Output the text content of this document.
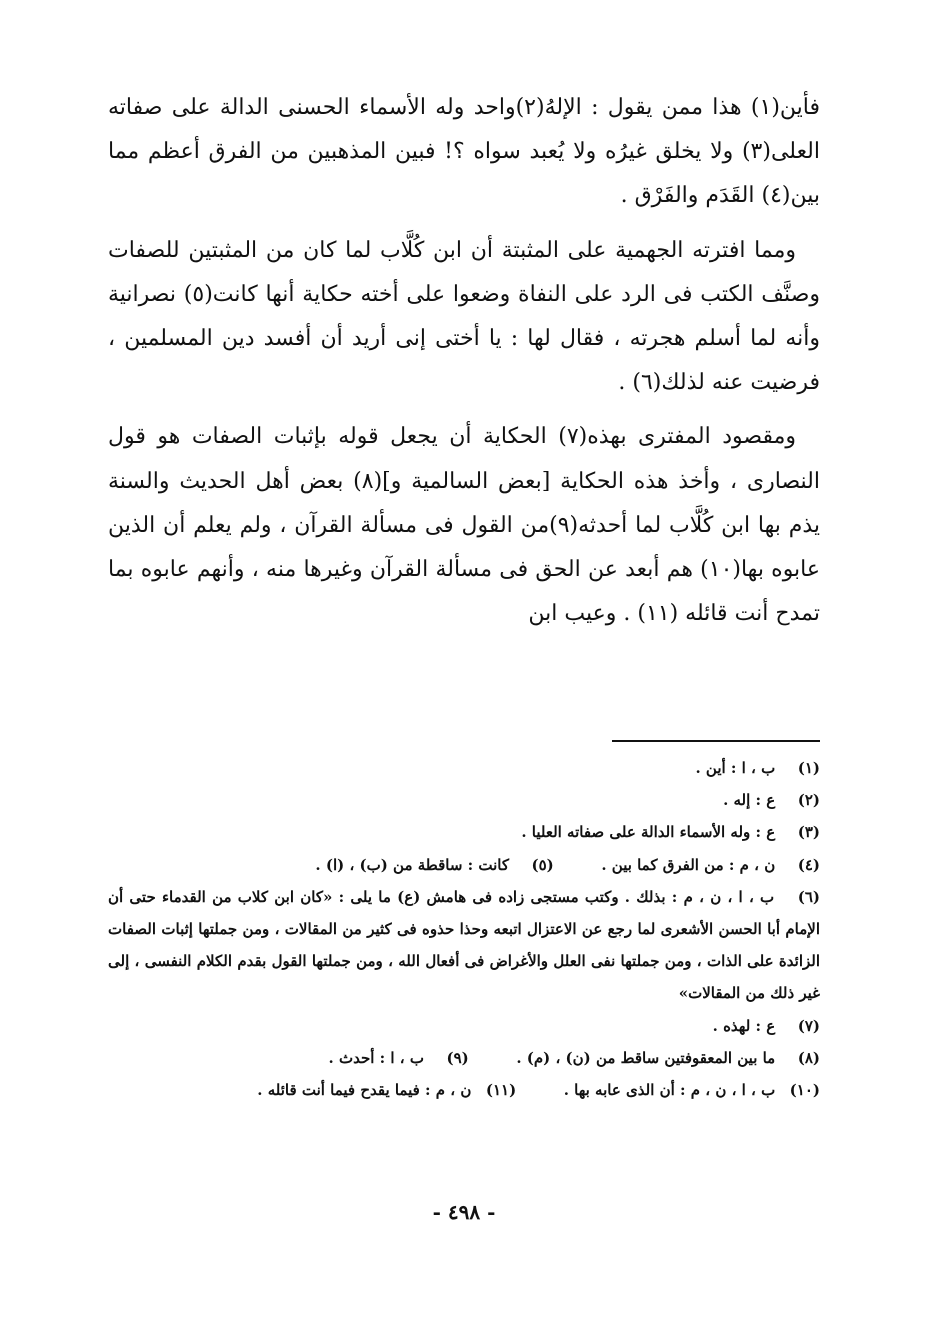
فأين(١) هذا ممن يقول : الإلهُ(٢)واحد وله الأسماء الحسنى الدالة على صفاته العلى(٣) ولا يخلق غيرُه ولا يُعبد سواه ؟! فبين المذهبين من الفرق أعظم مما بين(٤) القَدَم والفَرْق .

ومما افترته الجهمية على المثبتة أن ابن كُلَّاب لما كان من المثبتين للصفات وصنَّف الكتب فى الرد على النفاة وضعوا على أخته حكاية أنها كانت(٥) نصرانية وأنه لما أسلم هجرته ، فقال لها : يا أختى إنى أريد أن أفسد دين المسلمين ، فرضيت عنه لذلك(٦) .

ومقصود المفترى بهذه(٧) الحكاية أن يجعل قوله بإثبات الصفات هو قول النصارى ، وأخذ هذه الحكاية [بعض السالمية و](٨) بعض أهل الحديث والسنة يذم بها ابن كُلَّاب لما أحدثه(٩)من القول فى مسألة القرآن ، ولم يعلم أن الذين عابوه بها(١٠) هم أبعد عن الحق فى مسألة القرآن وغيرها منه ، وأنهم عابوه بما تمدح أنت قائله (١١) . وعيب ابن

(١) ب ، ا : أين .
(٢) ع : إله .
(٣) ع : وله الأسماء الدالة على صفاته العليا .
(٤) ن ، م : من الفرق كما بين .  (٥) كانت : ساقطة من (ب) ، (ا) .
(٦) ب ، ا ، ن ، م : بذلك . وكتب مستجى زاده فى هامش (ع) ما يلى : «كان ابن كلاب من القدماء حتى أن الإمام أبا الحسن الأشعرى لما رجع عن الاعتزال اتبعه وحذا حذوه فى كثير من المقالات ، ومن جملتها إثبات الصفات الزائدة على الذات ، ومن جملتها نفى العلل والأغراض فى أفعال الله ، ومن جملتها القول بقدم الكلام النفسى ، إلى غير ذلك من المقالات»
(٧) ع : لهذه .
(٨) ما بين المعقوفتين ساقط من (ن) ، (م) .  (٩) ب ، ا : أحدث .
(١٠) ب ، ا ، ن ، م : أن الذى عابه بها .  (١١) ن ، م : فيما يقدح فيما أنت قائله .
- ٤٩٨ -
